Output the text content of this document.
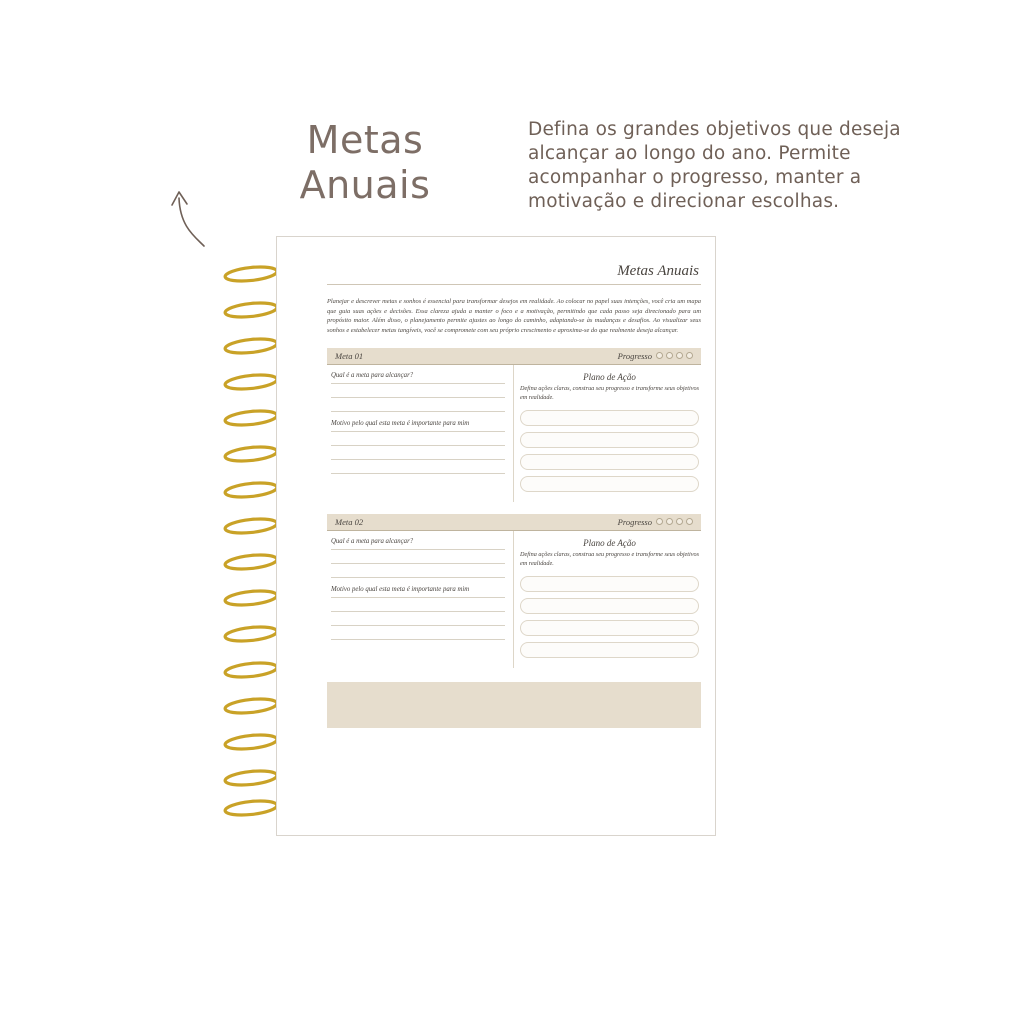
Metas
Anuais
Defina os grandes objetivos que deseja alcançar ao longo do ano. Permite acompanhar o progresso, manter a motivação e direcionar escolhas.
Metas Anuais
Planejar e descrever metas e sonhos é essencial para transformar desejos em realidade. Ao colocar no papel suas intenções, você cria um mapa que guia suas ações e decisões. Essa clareza ajuda a manter o foco e a motivação, permitindo que cada passo seja direcionado para um propósito maior. Além disso, o planejamento permite ajustes ao longo do caminho, adaptando-se às mudanças e desafios. Ao visualizar seus sonhos e estabelecer metas tangíveis, você se compromete com seu próprio crescimento e aproxima-se do que realmente deseja alcançar.
Meta 01	Progresso
Qual é a meta para alcançar?
Motivo pelo qual esta meta é importante para mim
Plano de Ação
Defina ações claras, construa seu progresso e transforme seus objetivos em realidade.
Meta 02	Progresso
Qual é a meta para alcançar?
Motivo pelo qual esta meta é importante para mim
Plano de Ação
Defina ações claras, construa seu progresso e transforme seus objetivos em realidade.
